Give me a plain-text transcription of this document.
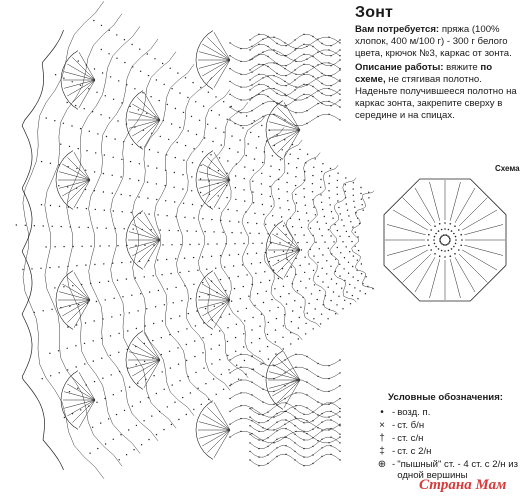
Зонт
Вам потребуется: пряжа (100% хлопок, 400 м/100 г) - 300 г белого цвета, крючок №3, каркас от зонта.
Описание работы: вяжите по схеме, не стягивая полотно. Наденьте получившееся полотно на каркас зонта, закрепите сверху в середине и на спицах.
Схема
Условные обозначения:
• - возд. п.
× - ст. б/н
† - ст. с/н
‡ - ст. с 2/н
⊕ - "пышный" ст. - 4 ст. с 2/н из одной вершины
Страна Мам
